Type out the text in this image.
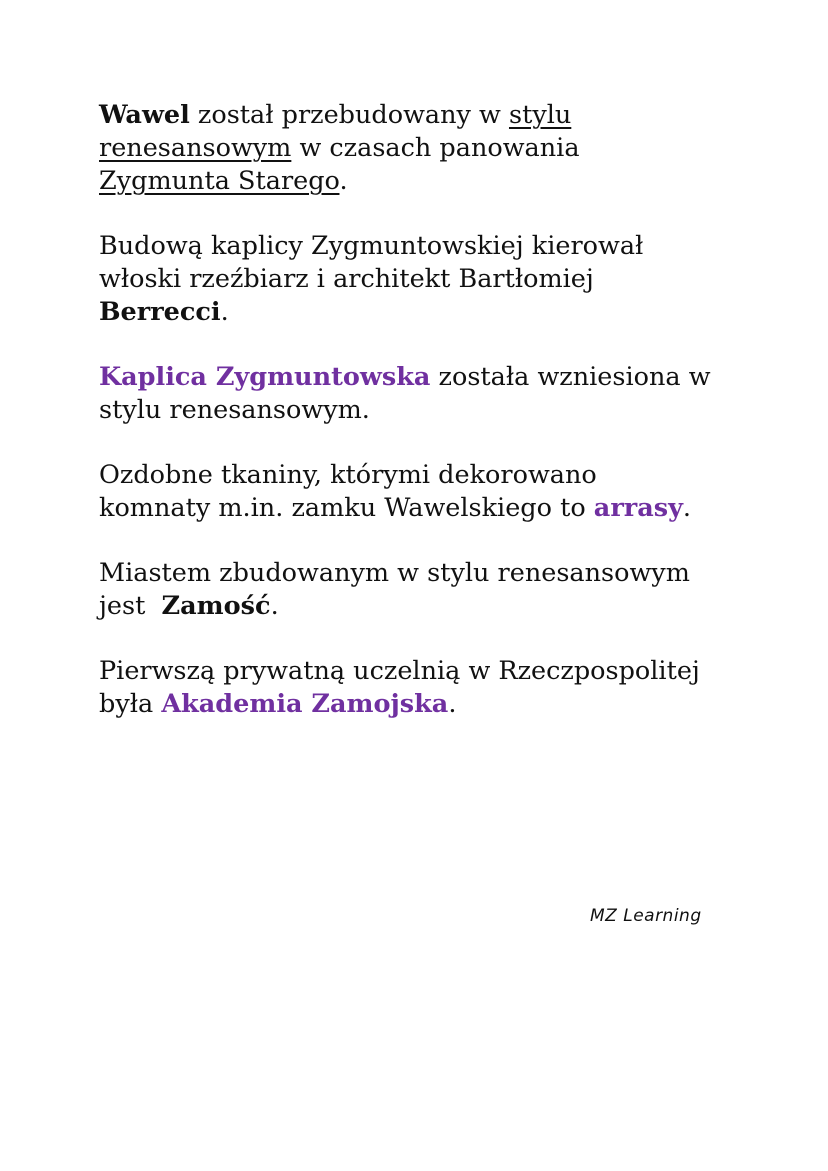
Wawel został przebudowany w stylu
renesansowym w czasach panowania
Zygmunta Starego.

Budową kaplicy Zygmuntowskiej kierował
włoski rzeźbiarz i architekt Bartłomiej
Berrecci.

Kaplica Zygmuntowska została wzniesiona w
stylu renesansowym.

Ozdobne tkaniny, którymi dekorowano
komnaty m.in. zamku Wawelskiego to arrasy.

Miastem zbudowanym w stylu renesansowym
jest  Zamość.

Pierwszą prywatną uczelnią w Rzeczpospolitej
była Akademia Zamojska.

MZ Learning
